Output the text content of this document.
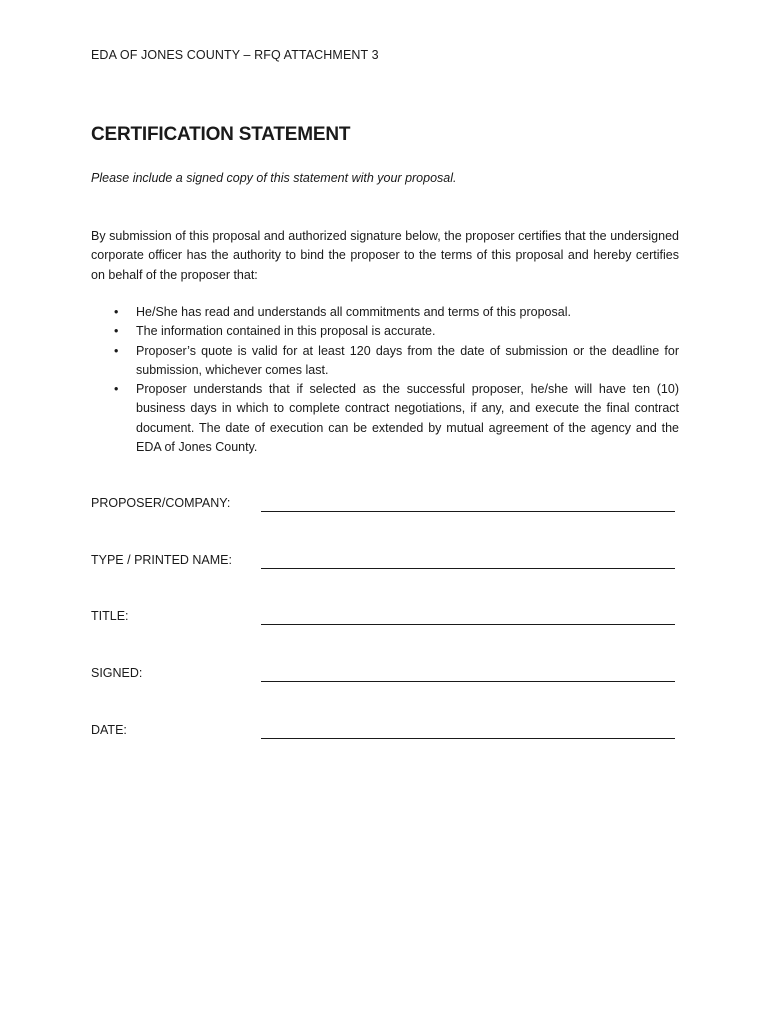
EDA OF JONES COUNTY – RFQ ATTACHMENT 3
CERTIFICATION STATEMENT
Please include a signed copy of this statement with your proposal.

By submission of this proposal and authorized signature below, the proposer certifies that the undersigned corporate officer has the authority to bind the proposer to the terms of this proposal and hereby certifies on behalf of the proposer that:

• He/She has read and understands all commitments and terms of this proposal.
• The information contained in this proposal is accurate.
• Proposer’s quote is valid for at least 120 days from the date of submission or the deadline for submission, whichever comes last.
• Proposer understands that if selected as the successful proposer, he/she will have ten (10) business days in which to complete contract negotiations, if any, and execute the final contract document. The date of execution can be extended by mutual agreement of the agency and the EDA of Jones County.
PROPOSER/COMPANY:
TYPE / PRINTED NAME:
TITLE:
SIGNED:
DATE:
